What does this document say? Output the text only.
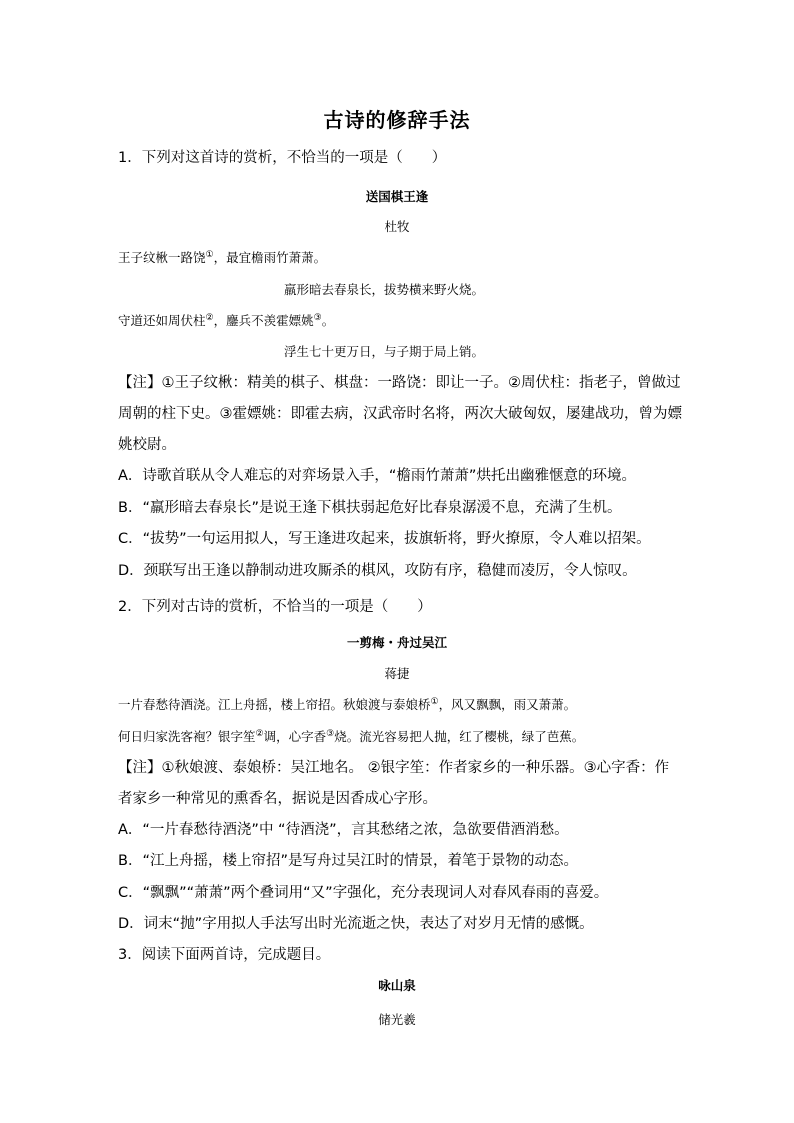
古诗的修辞手法
1．下列对这首诗的赏析，不恰当的一项是（　　）
送国棋王逢
杜牧
王子纹楸一路饶①，最宜檐雨竹萧萧。
羸形暗去春泉长，拔势横来野火烧。
守道还如周伏柱②，鏖兵不羡霍嫖姚③。
浮生七十更万日，与子期于局上销。
【注】①王子纹楸：精美的棋子、棋盘：一路饶：即让一子。②周伏柱：指老子，曾做过
周朝的柱下史。③霍嫖姚：即霍去病，汉武帝时名将，两次大破匈奴，屡建战功，曾为嫖
姚校尉。
A．诗歌首联从令人难忘的对弈场景入手，“檐雨竹萧萧”烘托出幽雅惬意的环境。
B．“羸形暗去春泉长”是说王逢下棋扶弱起危好比春泉潺湲不息，充满了生机。
C．“拔势”一句运用拟人，写王逢进攻起来，拔旗斩将，野火撩原，令人难以招架。
D．颈联写出王逢以静制动进攻厮杀的棋风，攻防有序，稳健而凌厉，令人惊叹。
2．下列对古诗的赏析，不恰当的一项是（　　）
一剪梅・舟过吴江
蒋捷
一片春愁待酒浇。江上舟摇，楼上帘招。秋娘渡与泰娘桥①，风又飘飘，雨又萧萧。
何日归家洗客袍？银字笙②调，心字香③烧。流光容易把人抛，红了樱桃，绿了芭蕉。
【注】①秋娘渡、泰娘桥：吴江地名。 ②银字笙：作者家乡的一种乐器。③心字香：作
者家乡一种常见的熏香名，据说是因香成心字形。
A．“一片春愁待酒浇”中 “待酒浇”，言其愁绪之浓，急欲要借酒消愁。
B．“江上舟摇，楼上帘招”是写舟过吴江时的情景，着笔于景物的动态。
C．“飘飘”“萧萧”两个叠词用“又”字强化，充分表现词人对春风春雨的喜爱。
D．词末“抛”字用拟人手法写出时光流逝之快，表达了对岁月无情的感慨。
3．阅读下面两首诗，完成题目。
咏山泉
储光羲
